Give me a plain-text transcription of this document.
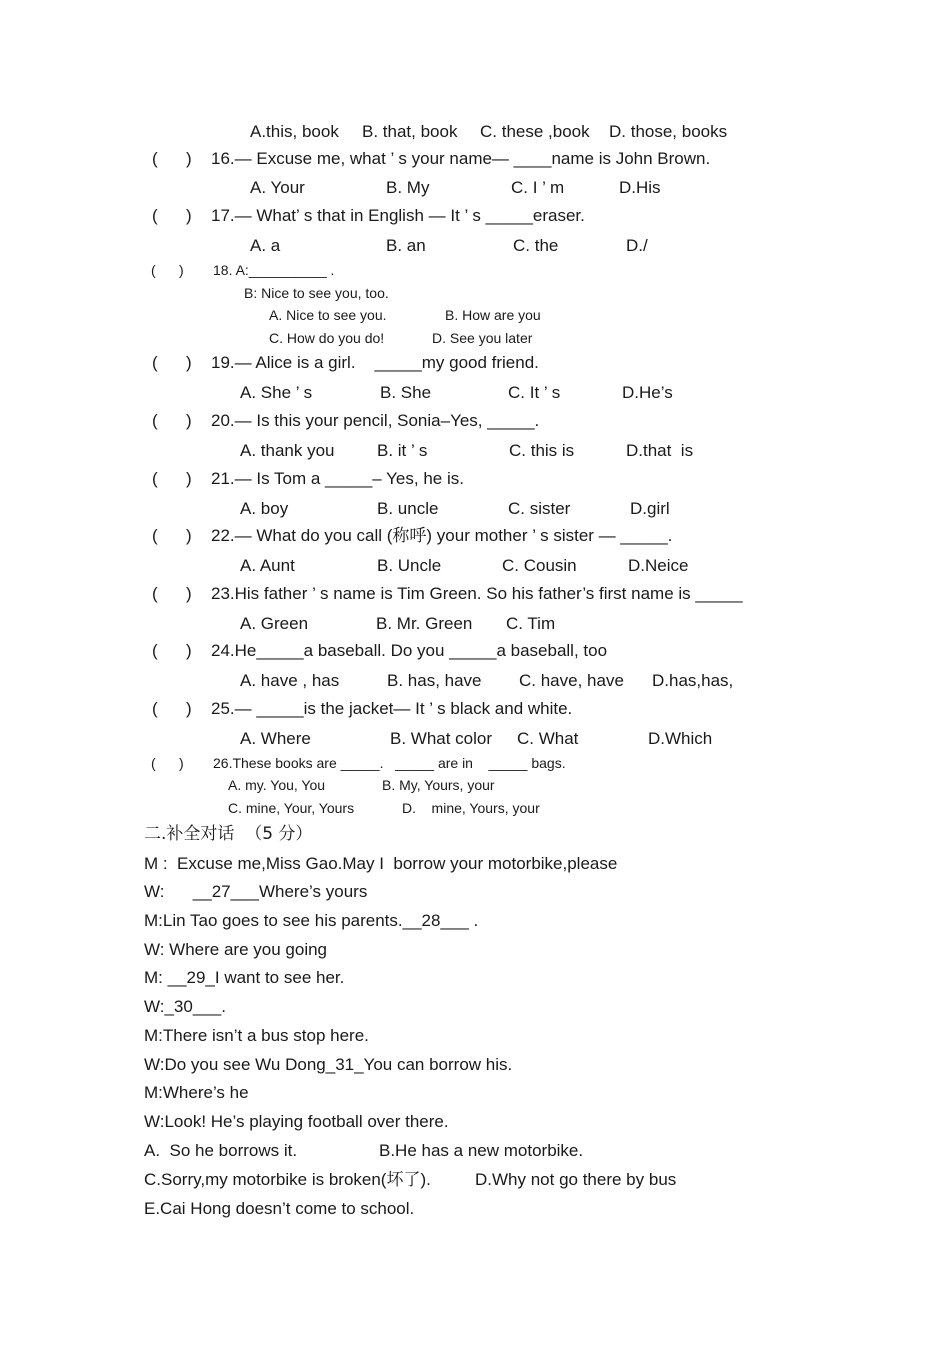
A.this, book B. that, book C. these ,book D. those, books
(      ) 16.— Excuse me, what ’ s your name— ____name is John Brown.
A. Your	B. My	C. I ’ m	D.His
(      ) 17.— What’ s that in English — It ’ s _____eraser.
A. a	B. an	C. the	D./
(      ) 18. A:__________ .
B: Nice to see you, too.
A. Nice to see you.	B. How are you
C. How do you do!	D. See you later
(      ) 19.— Alice is a girl.    _____my good friend.
A. She ’ s	B. She	C. It ’ s	D.He’s
(      ) 20.— Is this your pencil, Sonia–Yes, _____.
A. thank you B. it ’ s	C. this is	D.that  is
(      ) 21.— Is Tom a _____– Yes, he is.
A. boy	B. uncle	C. sister	D.girl
(      ) 22.— What do you call (称呼) your mother ’ s sister — _____.
A. Aunt	B. Uncle	C. Cousin	D.Neice
(      ) 23.His father ’ s name is Tim Green. So his father’s first name is _____
A. Green	B. Mr. Green C. Tim
(      ) 24.He_____a baseball. Do you _____a baseball, too
A. have , has	B. has, have C. have, have D.has,has,
(      ) 25.— _____is the jacket— It ’ s black and white.
A. Where	B. What color C. What	D.Which
(      ) 26.These books are _____.   _____ are in    _____ bags.
A. my. You, You	B. My, Yours, your
C. mine, Your, Yours	D.    mine, Yours, your
二.补全对话  （5 分）
M :  Excuse me,Miss Gao.May I  borrow your motorbike,please
W:      __27___Where’s yours
M:Lin Tao goes to see his parents.__28___ .
W: Where are you going
M: __29_I want to see her.
W:_30___.
M:There isn’t a bus stop here.
W:Do you see Wu Dong_31_You can borrow his.
M:Where’s he
W:Look! He’s playing football over there.
A.  So he borrows it.	B.He has a new motorbike.
C.Sorry,my motorbike is broken(坏了).	D.Why not go there by bus
E.Cai Hong doesn’t come to school.
